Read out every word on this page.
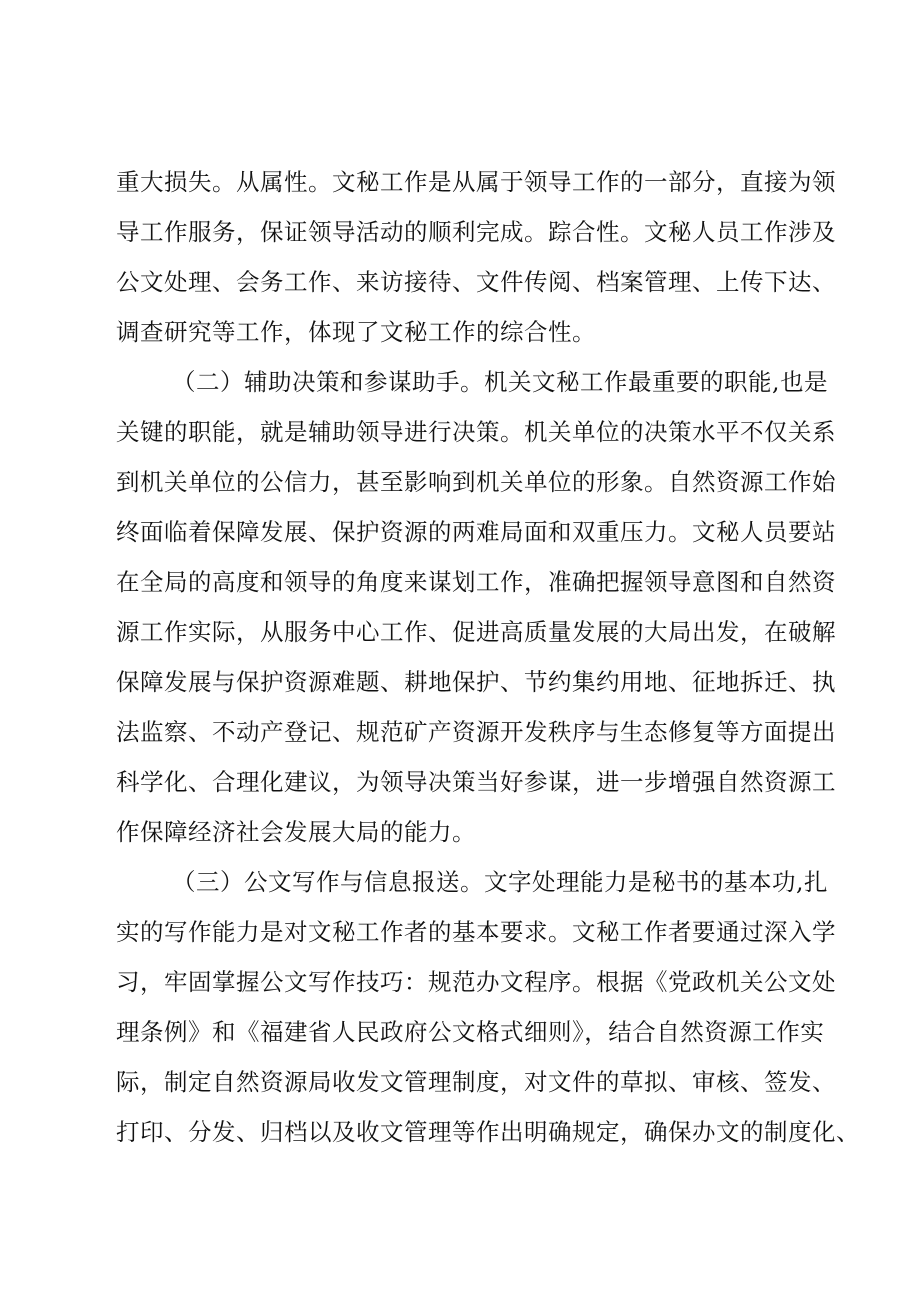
重大损失。从属性。文秘工作是从属于领导工作的一部分，直接为领
导工作服务，保证领导活动的顺利完成。踪合性。文秘人员工作涉及
公文处理、会务工作、来访接待、文件传阅、档案管理、上传下达、
调查研究等工作，体现了文秘工作的综合性。
（二）辅助决策和参谋助手。机关文秘工作最重要的职能,也是
关键的职能，就是辅助领导进行决策。机关单位的决策水平不仅关系
到机关单位的公信力，甚至影响到机关单位的形象。自然资源工作始
终面临着保障发展、保护资源的两难局面和双重压力。文秘人员要站
在全局的高度和领导的角度来谋划工作，准确把握领导意图和自然资
源工作实际，从服务中心工作、促进高质量发展的大局出发，在破解
保障发展与保护资源难题、耕地保护、节约集约用地、征地拆迁、执
法监察、不动产登记、规范矿产资源开发秩序与生态修复等方面提出
科学化、合理化建议，为领导决策当好参谋，进一步增强自然资源工
作保障经济社会发展大局的能力。
（三）公文写作与信息报送。文字处理能力是秘书的基本功,扎
实的写作能力是对文秘工作者的基本要求。文秘工作者要通过深入学
习，牢固掌握公文写作技巧：规范办文程序。根据《党政机关公文处
理条例》和《福建省人民政府公文格式细则》，结合自然资源工作实
际，制定自然资源局收发文管理制度，对文件的草拟、审核、签发、
打印、分发、归档以及收文管理等作出明确规定，确保办文的制度化、
